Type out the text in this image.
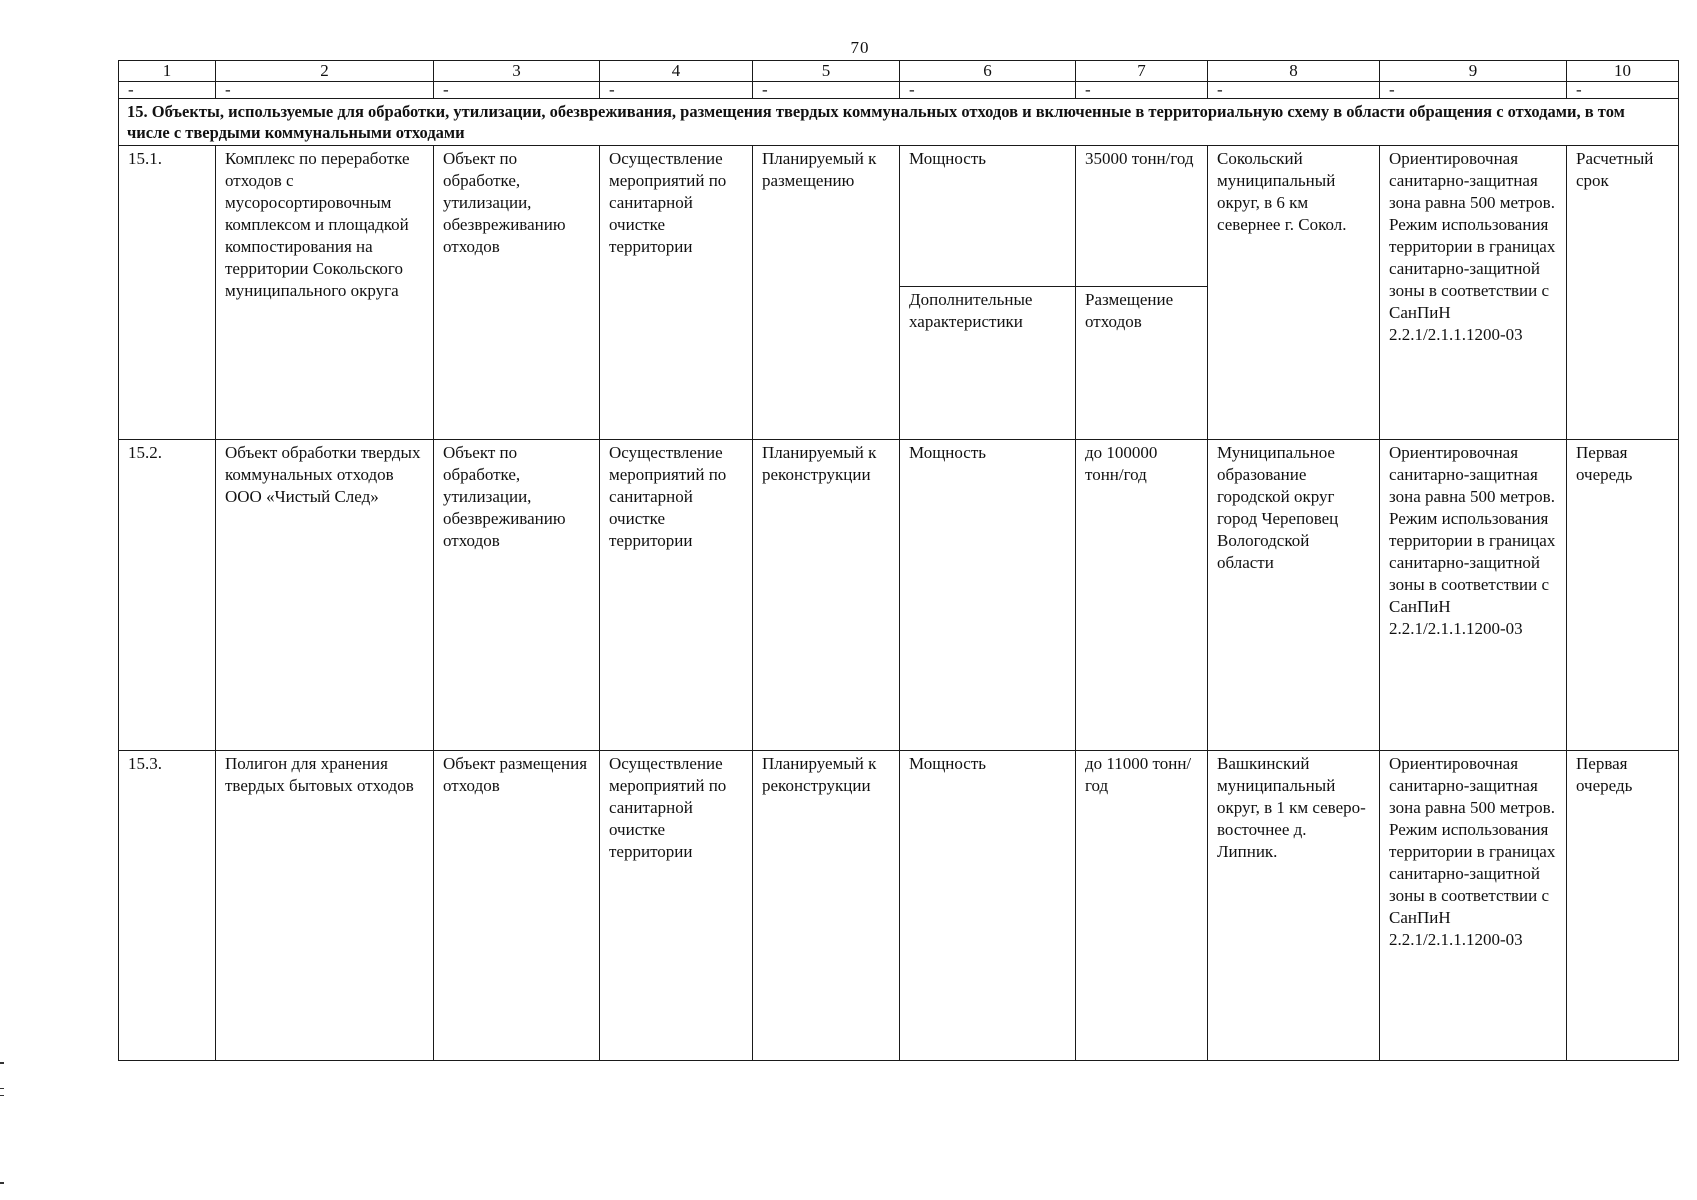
70
1	2	3	4	5	6	7	8	9	10
-	-	-	-	-	-	-	-	-	-
15. Объекты, используемые для обработки, утилизации, обезвреживания, размещения твердых коммунальных отходов и включенные в территориальную схему в области обращения с отходами, в том числе с твердыми коммунальными отходами									
15.1.	Комплекс по переработке отходов с мусоросортировочным комплексом и площадкой компостирования на территории Сокольского муниципального округа	Объект по обработке, утилизации, обезвреживанию отходов	Осуществление мероприятий по санитарной очистке территории	Планируемый к размещению	Мощность	35000 тонн/год	Сокольский муниципальный округ, в 6 км севернее г. Сокол.	Ориентировочная санитарно-защитная зона равна 500 метров. Режим использования территории в границах санитарно-защитной зоны в соответствии с СанПиН 2.2.1/2.1.1.1200-03	Расчетный срок
					Дополнительные характеристики	Размещение отходов			
15.2.	Объект обработки твердых коммунальных отходов ООО «Чистый След»	Объект по обработке, утилизации, обезвреживанию отходов	Осуществление мероприятий по санитарной очистке территории	Планируемый к реконструкции	Мощность	до 100000 тонн/год	Муниципальное образование городской округ город Череповец Вологодской области	Ориентировочная санитарно-защитная зона равна 500 метров. Режим использования территории в границах санитарно-защитной зоны в соответствии с СанПиН 2.2.1/2.1.1.1200-03	Первая очередь
15.3.	Полигон для хранения твердых бытовых отходов	Объект размещения отходов	Осуществление мероприятий по санитарной очистке территории	Планируемый к реконструкции	Мощность	до 11000 тонн/год	Вашкинский муниципальный округ, в 1 км северо-восточнее д. Липник.	Ориентировочная санитарно-защитная зона равна 500 метров. Режим использования территории в границах санитарно-защитной зоны в соответствии с СанПиН 2.2.1/2.1.1.1200-03	Первая очередь
